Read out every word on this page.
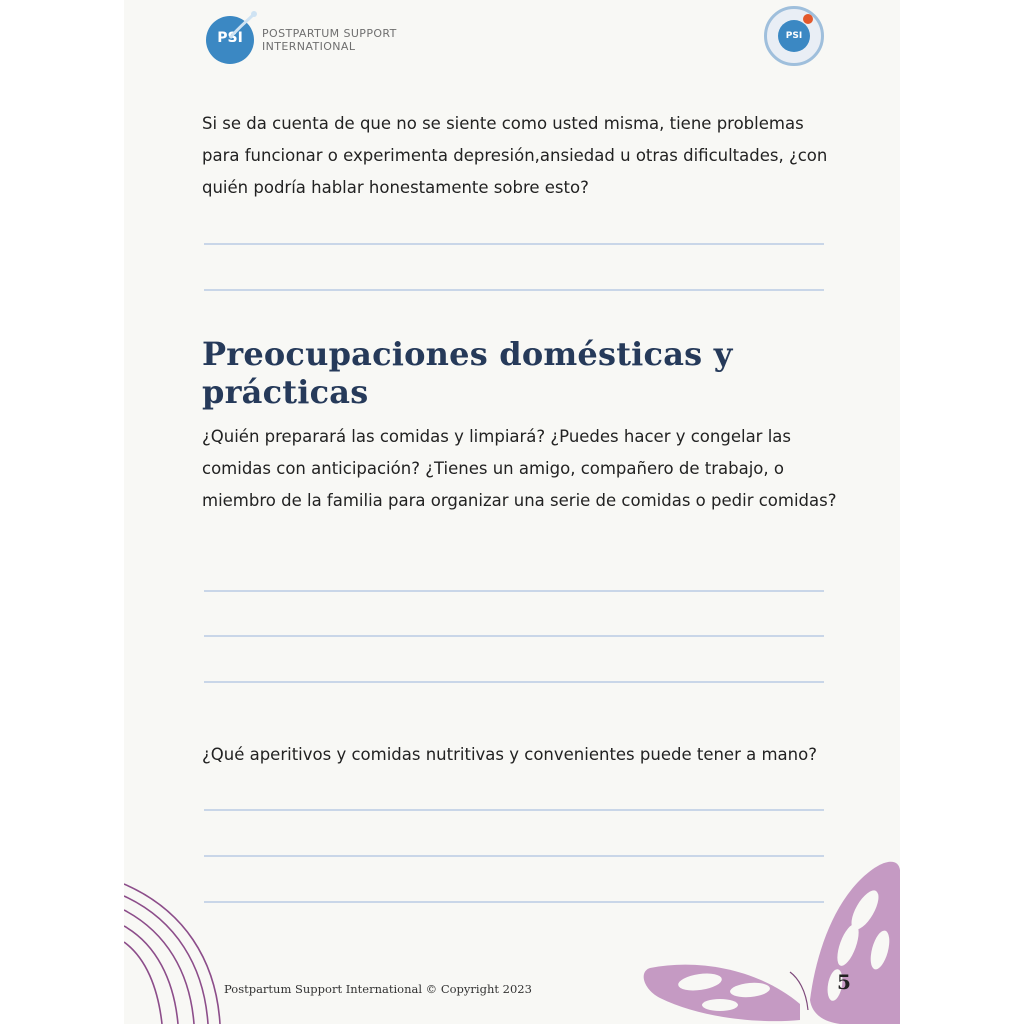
PSI	POSTPARTUM SUPPORT
INTERNATIONAL
PSI
Si se da cuenta de que no se siente como usted misma, tiene problemas para funcionar o experimenta depresión,ansiedad u otras dificultades, ¿con quién podría hablar honestamente sobre esto?
Preocupaciones domésticas y prácticas
¿Quién preparará las comidas y limpiará? ¿Puedes hacer y congelar las comidas con anticipación? ¿Tienes un amigo, compañero de trabajo, o miembro de la familia para organizar una serie de comidas o pedir comidas?
¿Qué aperitivos y comidas nutritivas y convenientes puede tener a mano?
Postpartum Support International © Copyright 2023	5
